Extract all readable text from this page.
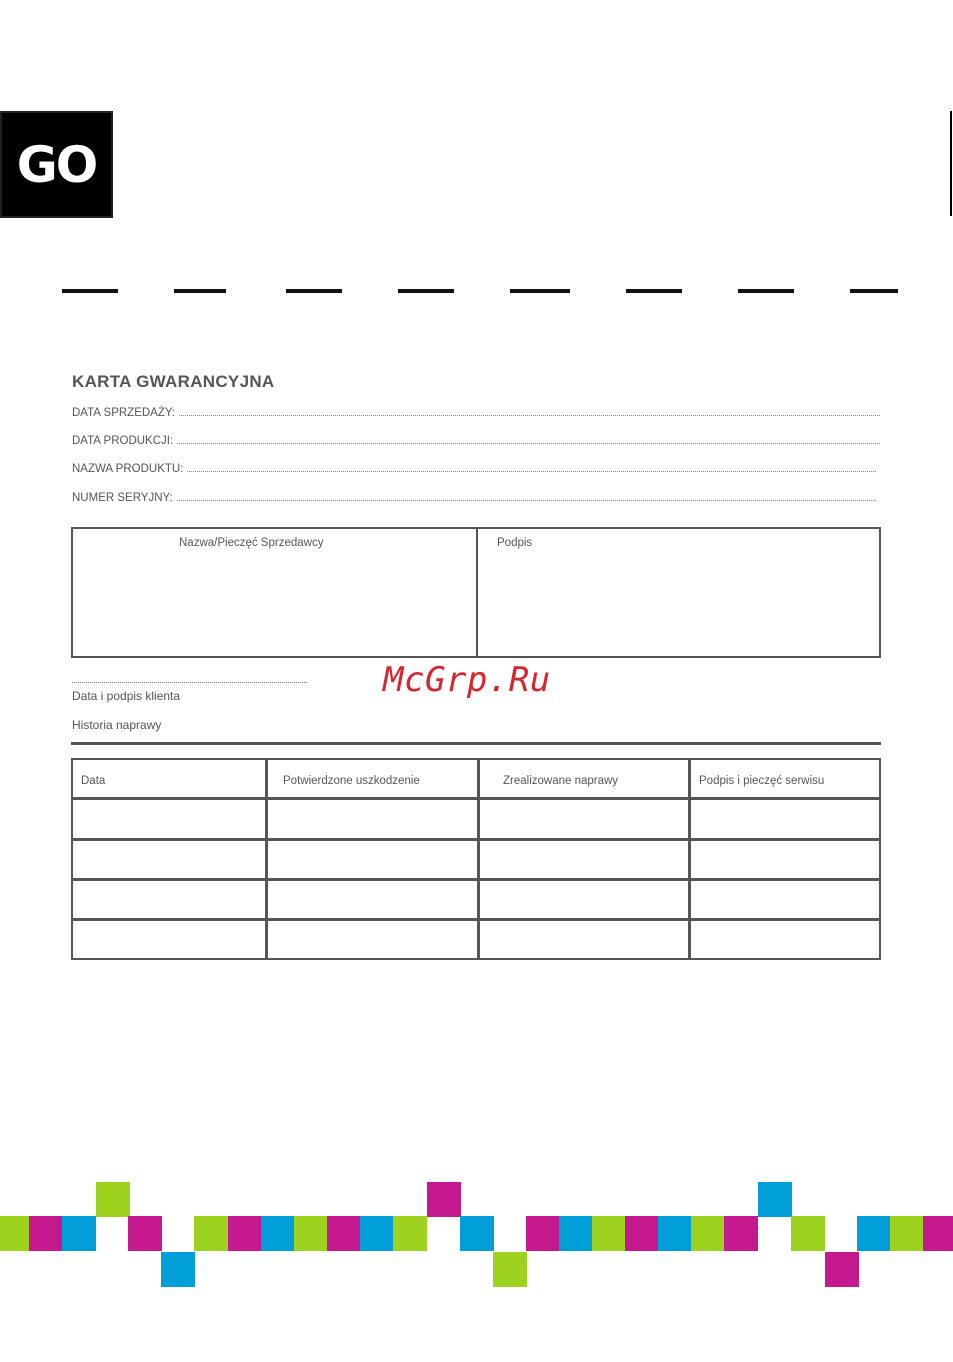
GO
KARTA GWARANCYJNA
DATA SPRZEDAŻY:
DATA PRODUKCJI:
NAZWA PRODUKTU:
NUMER SERYJNY:
Nazwa/Pieczęć Sprzedawcy	Podpis
Data i podpis klienta
Historia naprawy
Data	Potwierdzone uszkodzenie	Zrealizowane naprawy	Podpis i pieczęć serwisu
McGrp.Ru
